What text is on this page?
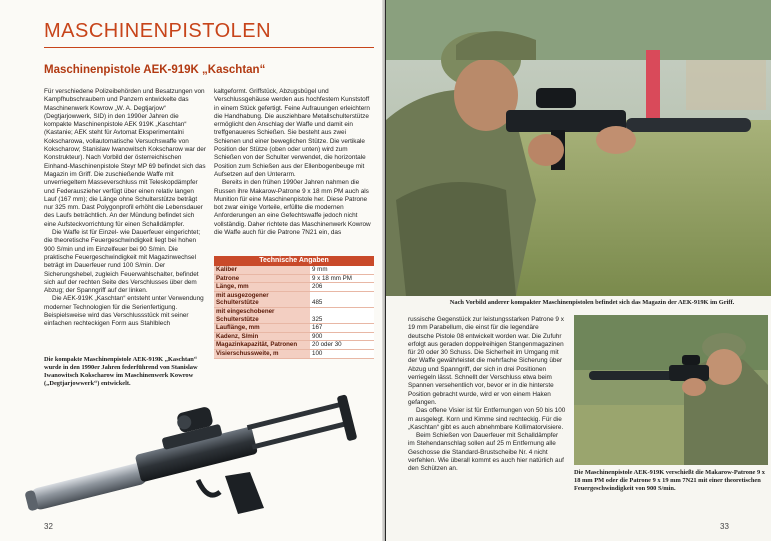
MASCHINENPISTOLEN
Maschinenpistole AEK-919K „Kaschtan“

Für verschiedene Polizeibehörden und Besatzungen von Kampfhubschraubern und Panzern entwickelte das Maschinenwerk Kowrow „W. A. Degtjarjow“ (Degtjarjowwerk, SID) in den 1990er Jahren die kompakte Maschinenpistole AEK 919K „Kaschtan“ (Kastanie; AEK steht für Avtomat Eksperimentalni Kokscharowa, vollautomatische Versuchswaffe von Kokscharow; Stanislaw Iwanowitsch Kokscharow war der Konstrukteur). Nach Vorbild der österreichischen Einhand-Maschinenpistole Steyr MP 69 befindet sich das Magazin im Griff. Die zuschießende Waffe mit unverriegeltem Masseverschluss mit Teleskopdämpfer und Federauszieher verfügt über einen relativ langen Lauf (167 mm); die Länge ohne Schulterstütze beträgt nur 325 mm. Dast Polygonprofil erhöht die Lebensdauer des Laufs beträchtlich. An der Mündung befindet sich eine Aufsteckvorrichtung für einen Schalldämpfer.

Die Waffe ist für Einzel- wie Dauerfeuer eingerichtet; die theoretische Feuergeschwindigkeit liegt bei hohen 900 S/min und im Einzelfeuer bei 90 S/min. Die praktische Feuergeschwindigkeit mit Magazinwechsel beträgt im Dauerfeuer rund 100 S/min. Der Sicherungshebel, zugleich Feuerwahlschalter, befindet sich auf der rechten Seite des Verschlusses über dem Abzug; der Spanngriff auf der linken.

Die AEK-919K „Kaschtan“ entsteht unter Verwendung moderner Technologien für die Serienfertigung. Beispielsweise wird das Verschlussstück mit seiner einfachen rechteckigen Form aus Stahlblech

kaltgeformt. Griffstück, Abzugsbügel und Verschlussgehäuse werden aus hochfestem Kunststoff in einem Stück gefertigt. Feine Aufrauungen erleichtern die Handhabung. Die ausziehbare Metallschulterstütze ermöglicht den Anschlag der Waffe und damit ein treffgenaueres Schießen. Sie besteht aus zwei Schienen und einer beweglichen Stütze. Die vertikale Position der Stütze (oben oder unten) wird zum Schießen von der Schulter verwendet, die horizontale Position zum Schießen aus der Ellenbogenbeuge mit Aufsetzen auf den Unterarm.

Bereits in den frühen 1990er Jahren nahmen die Russen ihre Makarow-Patrone 9 x 18 mm PM auch als Munition für eine Maschinenpistole her. Diese Patrone bot zwar einige Vorteile, erfüllte die modernen Anforderungen an eine Gefechtswaffe jedoch nicht vollständig. Daher richtete das Maschinenwerk Kowrow die Waffe auch für die Patrone 7N21 ein, das

Technische Angaben
Kaliber	9 mm
Patrone	9 x 18 mm PM
Länge, mm	206
mit ausgezogener Schulterstütze	485
mit eingeschobener Schulterstütze	325
Lauflänge, mm	167
Kadenz, S/min	900
Magazinkapazität, Patronen	20 oder 30
Visierschussweite, m	100
Die kompakte Maschinenpistole AEK-919K „Kaschtan“ wurde in den 1990er Jahren federführend von Stanislaw Iwanowitsch Kokscharow im Maschinenwerk Kowrow („Degtjarjowwerk“) entwickelt.
32
Nach Vorbild anderer kompakter Maschinenpistolen befindet sich das Magazin der AEK-919K im Griff.

russische Gegenstück zur leistungsstarken Patrone 9 x 19 mm Parabellum, die einst für die legendäre deutsche Pistole 08 entwickelt worden war. Die Zufuhr erfolgt aus geraden doppelreihigen Stangenmagazinen für 20 oder 30 Schuss. Die Sicherheit im Umgang mit der Waffe gewährleistet die mehrfache Sicherung über Abzug und Spanngriff, der sich in drei Positionen verriegeln lässt. Schnellt der Verschluss etwa beim Spannen versehentlich vor, bevor er in die hinterste Position gebracht wurde, wird er von einem Haken gefangen.

Das offene Visier ist für Entfernungen von 50 bis 100 m ausgelegt. Korn und Kimme sind rechteckig. Für die „Kaschtan“ gibt es auch abnehmbare Kollimatorvisiere.

Beim Schießen von Dauerfeuer mit Schalldämpfer im Stehendanschlag sollen auf 25 m Entfernung alle Geschosse die Standard-Brustscheibe Nr. 4 nicht verfehlen. Wie überall kommt es auch hier natürlich auf den Schützen an.

Die Maschinenpistole AEK-919K verschießt die Makarow-Patrone 9 x 18 mm PM oder die Patrone 9 x 19 mm 7N21 mit einer theoretischen Feuergeschwindigkeit von 900 S/min.
33
